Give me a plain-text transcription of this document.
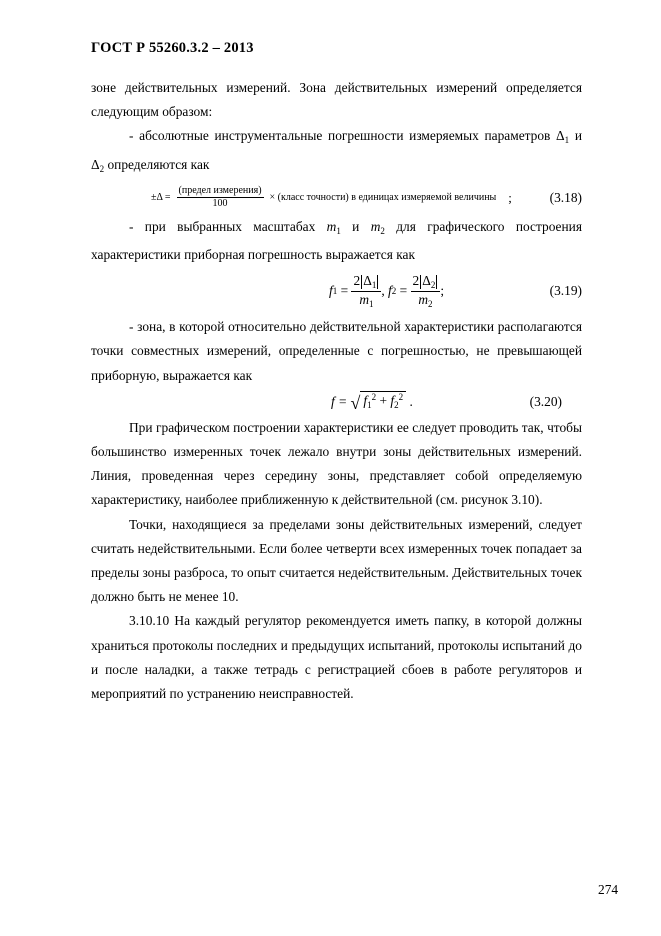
ГОСТ Р 55260.3.2 – 2013

зоне действительных измерений. Зона действительных измерений определяется следующим образом:

- абсолютные инструментальные погрешности измеряемых параметров $\Delta_1$ и $\Delta_2$ определяются как

$\pm\Delta = \frac{\text{(предел измерения)}}{100}$ × (класс точности) в единицах измеряемой величины ;	(3.18)

- при выбранных масштабах $m_1$ и $m_2$ для графического построения характеристики приборная погрешность выражается как

f $1 = \frac{2 \Delta_1}{m_1}$ ,
f $2 = \frac{2 \Delta_2}{m_2}$ ;	(3.19)

- зона, в которой относительно действительной характеристики располагаются точки совместных измерений, определенные с погрешностью, не превышающей приборную, выражается как

f =
√ $f_1^2 + f_2^2$
.	(3.20)

При графическом построении характеристики ее следует проводить так, чтобы большинство измеренных точек лежало внутри зоны действительных измерений. Линия, проведенная через середину зоны, представляет собой определяемую характеристику, наиболее приближенную к действительной (см. рисунок 3.10).

Точки, находящиеся за пределами зоны действительных измерений, следует считать недействительными. Если более четверти всех измеренных точек попадает за пределы зоны разброса, то опыт считается недействительным. Действительных точек должно быть не менее 10.

3.10.10 На каждый регулятор рекомендуется иметь папку, в которой должны храниться протоколы последних и предыдущих испытаний, протоколы испытаний до и после наладки, а также тетрадь с регистрацией сбоев в работе регуляторов и мероприятий по устранению неисправностей.

274
